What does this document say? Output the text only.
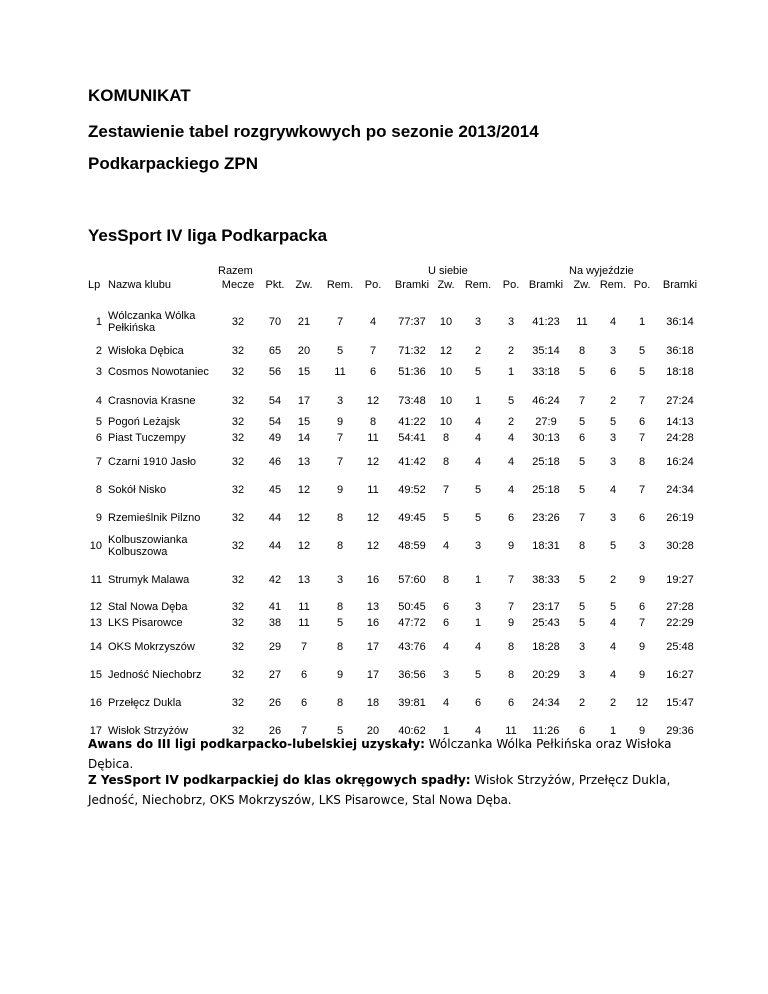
KOMUNIKAT
Zestawienie tabel rozgrywkowych po sezonie 2013/2014
Podkarpackiego ZPN
YesSport IV liga Podkarpacka
Razem	U siebie	Na wyjeździe
Lp Nazwa klubu	Mecze Pkt. Zw. Rem. Po. Bramki Zw. Rem. Po. Bramki Zw. Rem. Po. Bramki
1 Wólczanka Wólka Pełkińska	32 70 21 7 4 77:37 10 3 3 41:23 11 4 1 36:14
2 Wisłoka Dębica	32 65 20 5 7 71:32 12 2 2 35:14 8 3 5 36:18
3 Cosmos Nowotaniec 32 56 15 11 6 51:36 10 5 1 33:18 5 6 5 18:18
4 Crasnovia Krasne	32 54 17 3 12 73:48 10 1 5 46:24 7 2 7 27:24
5 Pogoń Leżajsk	32 54 15 9 8 41:22 10 4 2 27:9 5 5 6 14:13
6 Piast Tuczempy	32 49 14 7 11 54:41 8 4 4 30:13 6 3 7 24:28
7 Czarni 1910 Jasło	32 46 13 7 12 41:42 8 4 4 25:18 5 3 8 16:24
8 Sokół Nisko	32 45 12 9 11 49:52 7 5 4 25:18 5 4 7 24:34
9 Rzemieślnik Pilzno	32 44 12 8 12 49:45 5 5 6 23:26 7 3 6 26:19
10 Kolbuszowianka Kolbuszowa	32 44 12 8 12 48:59 4 3 9 18:31 8 5 3 30:28
11 Strumyk Malawa	32 42 13 3 16 57:60 8 1 7 38:33 5 2 9 19:27
12 Stal Nowa Dęba	32 41 11 8 13 50:45 6 3 7 23:17 5 5 6 27:28
13 LKS Pisarowce	32 38 11 5 16 47:72 6 1 9 25:43 5 4 7 22:29
14 OKS Mokrzyszów	32 29 7	8 17 43:76 4 4 8 18:28 3 4 9 25:48
15 Jedność Niechobrz	32 27 6	9 17 36:56 3 5 8 20:29 3 4 9 16:27
16 Przełęcz Dukla	32 26 6	8 18 39:81 4 6 6 24:34 2 2 12 15:47
17 Wisłok Strzyżów	32 26 7	5 20 40:62 1 4 11 11:26 6 1 9 29:36
Awans do III ligi podkarpacko-lubelskiej uzyskały: Wólczanka Wólka Pełkińska oraz Wisłoka Dębica.
Z YesSport IV podkarpackiej do klas okręgowych spadły: Wisłok Strzyżów, Przełęcz Dukla, Jedność, Niechobrz, OKS Mokrzyszów, LKS Pisarowce, Stal Nowa Dęba.
